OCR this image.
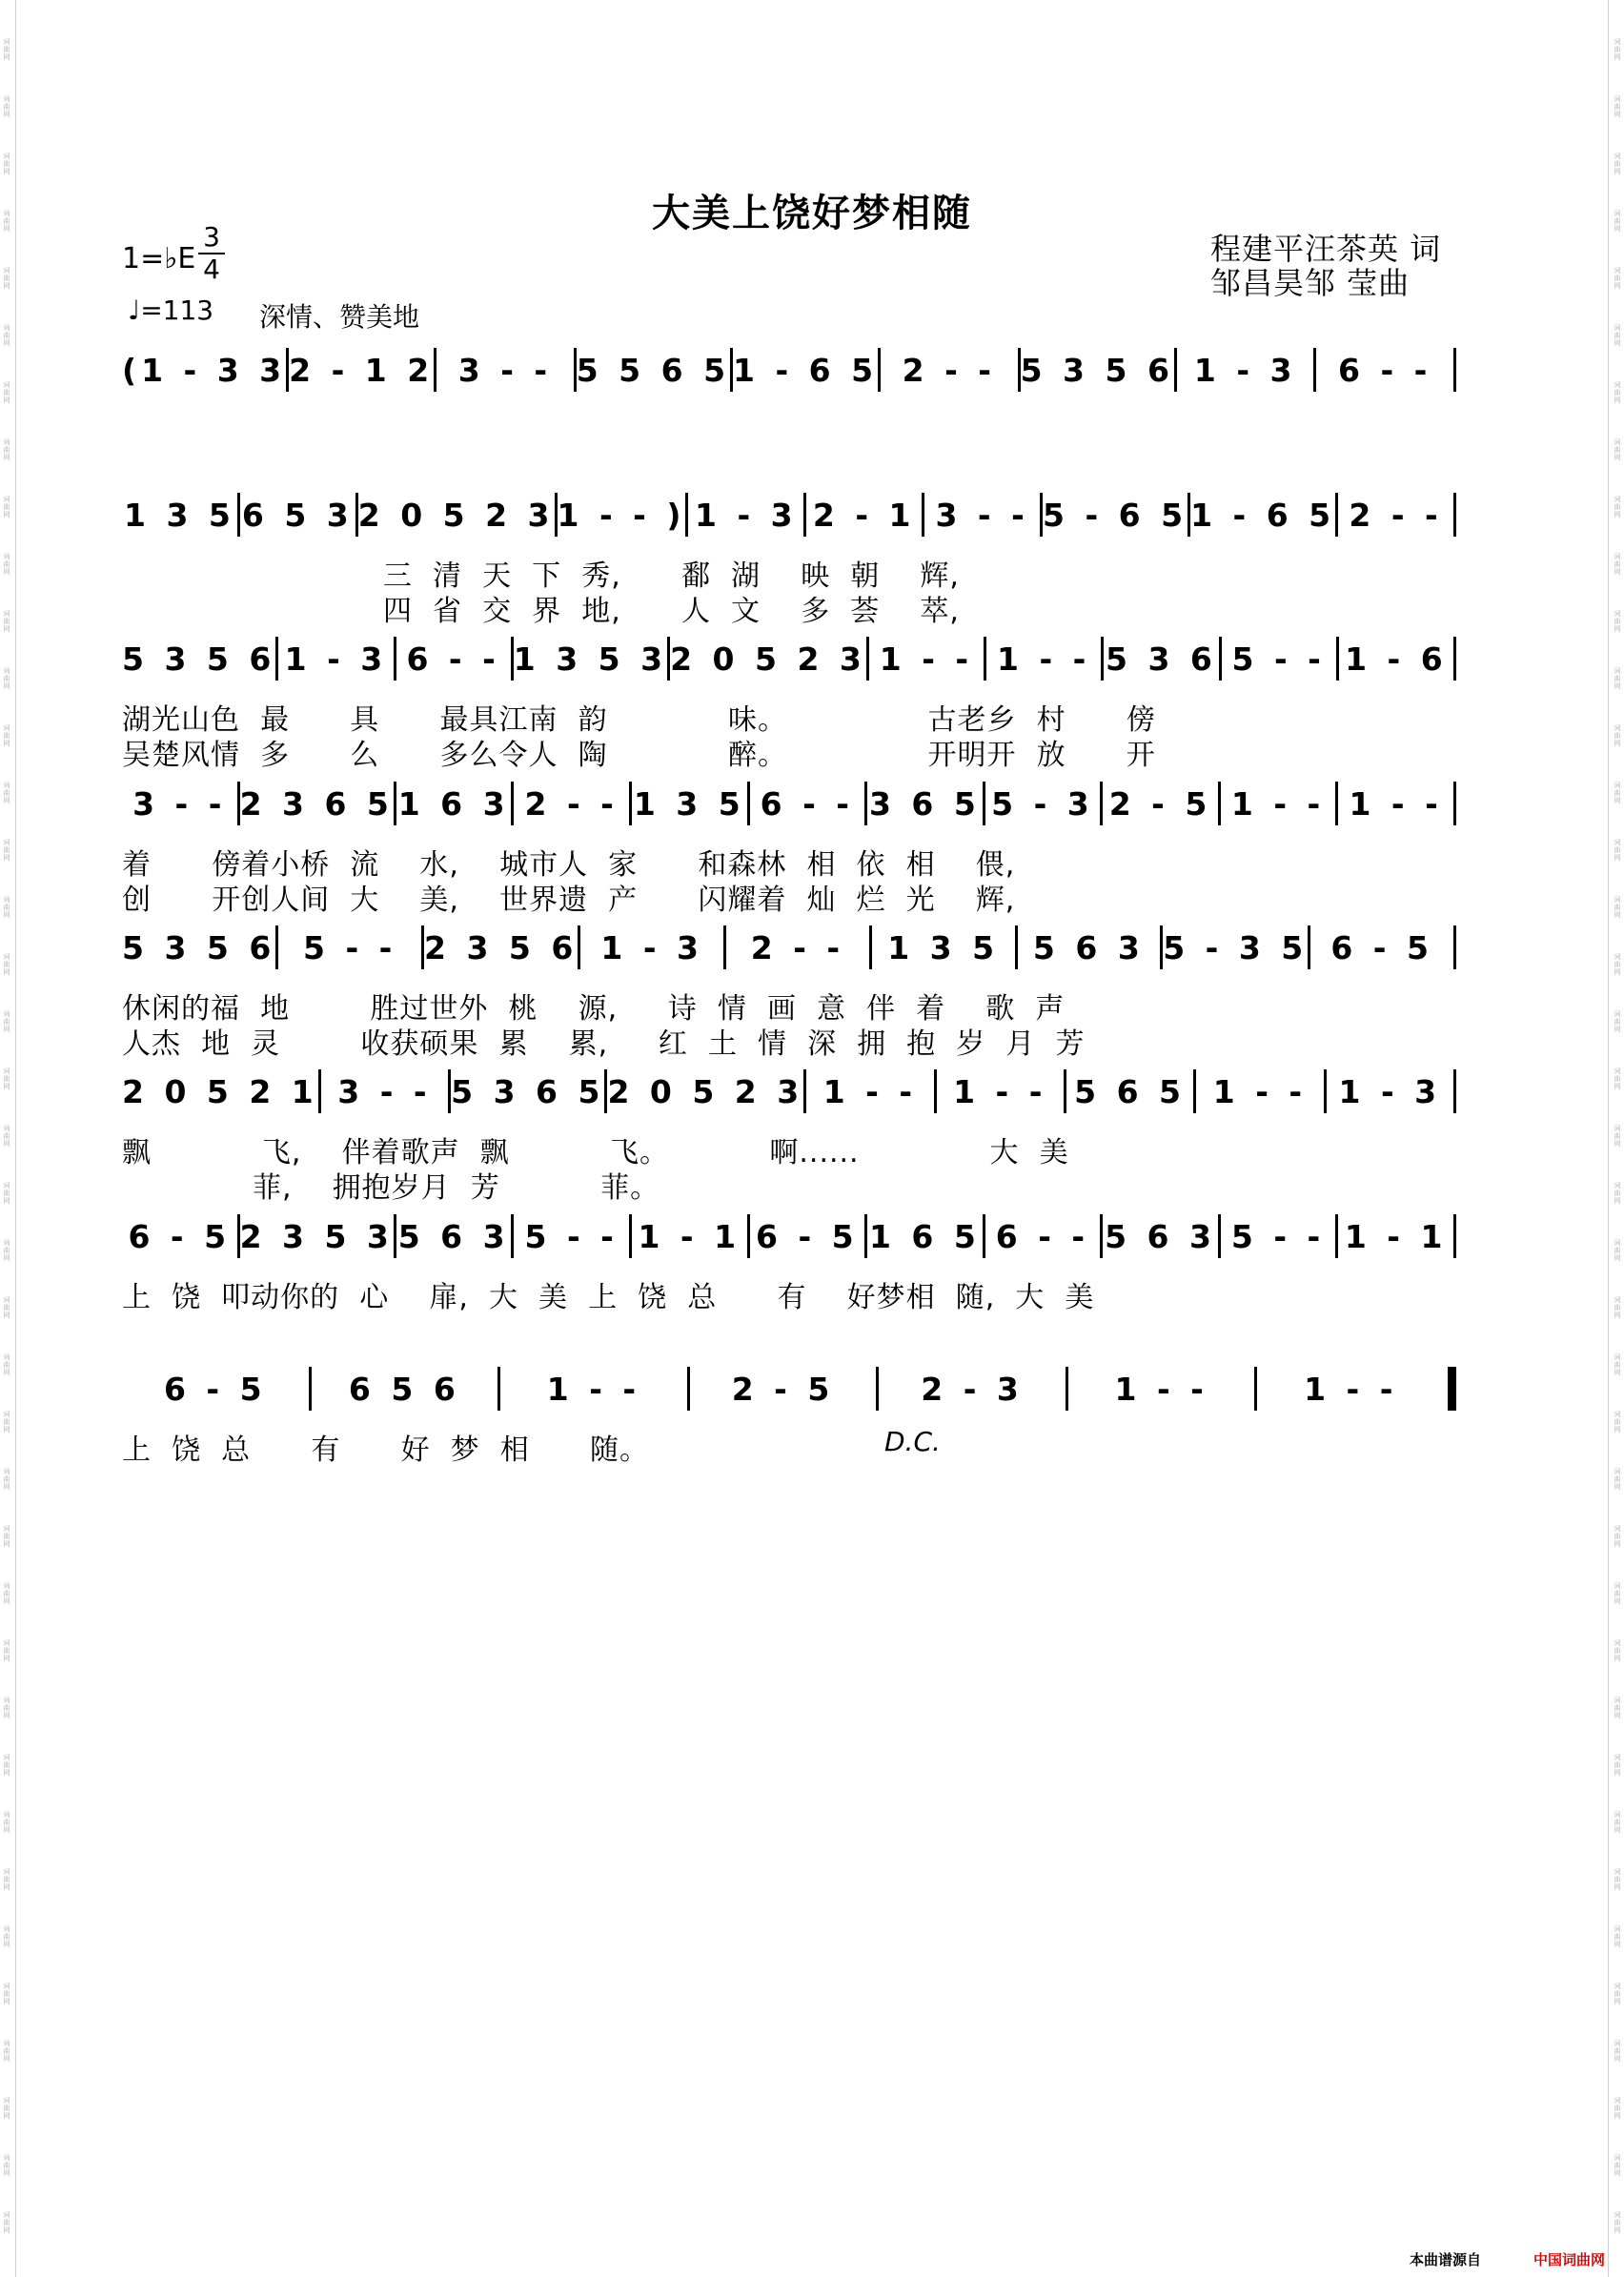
词曲网
词曲网
词曲网
词曲网
词曲网
词曲网
词曲网
词曲网
词曲网
词曲网
词曲网
词曲网
词曲网
词曲网
词曲网
词曲网
词曲网
词曲网
词曲网
词曲网
词曲网
词曲网
词曲网
词曲网
词曲网
词曲网
词曲网
词曲网
词曲网
词曲网
词曲网
词曲网
词曲网
词曲网
词曲网
词曲网
词曲网
词曲网
词曲网
词曲网
词曲网
词曲网
词曲网
词曲网
词曲网
词曲网
词曲网
词曲网
词曲网
词曲网
词曲网
词曲网
词曲网
词曲网
词曲网
词曲网
词曲网
词曲网
词曲网
词曲网
词曲网
词曲网
词曲网
词曲网
词曲网
词曲网
词曲网
词曲网
词曲网
词曲网
词曲网
词曲网
词曲网
词曲网
词曲网
词曲网
词曲网
词曲网
大美上饶好梦相随
程建平汪茶英 词
邹昌昊邹 莹曲
1=♭E
3
4
♩=113 深情、赞美地
(1 - 3 3 2 - 1 2 3 - - 5 5 6 5 1 - 6 5 2 - - 5 3 5 6 1 - 3	6 - -
1 3 5 6 5 3 2 0 5 2 3 1 - - ) 1 - 3 2 - 1 3 - - 5 - 6 5 1 - 6 5 2 - -
三  清  天  下  秀,      鄱  湖    映  朝    辉,
四  省  交  界  地,      人  文    多  荟    萃,
5 3 5 6 1 - 3 6 - - 1 3 5 3 2 0 5 2 3 1 - - 1 - - 5 3 6 5 - - 1 - 6
湖光山色  最      具      最具江南  韵            味。              古老乡  村      傍
吴楚风情  多      么      多么令人  陶            醉。              开明开  放      开
3 - - 2 3 6 5 1 6 3 2 - - 1 3 5 6 - - 3 6 5 5 - 3 2 - 5 1 - - 1 - -
着      傍着小桥  流    水,    城市人  家      和森林  相  依  相    偎,
创      开创人间  大    美,    世界遗  产      闪耀着  灿  烂  光    辉,
5 3 5 6 5 - - 2 3 5 6 1 - 3	2 - -	1 3 5	5 6 3 5 - 3 5 6 - 5
休闲的福  地        胜过世外  桃    源,     诗  情  画  意  伴  着    歌  声
人杰  地  灵        收获硕果  累    累,     红  土  情  深  拥  抱  岁  月  芳
2 0 5 2 1 3 - - 5 3 6 5 2 0 5 2 3 1 - -	1 - - 5 6 5 1 - -	1 - 3
飘           飞,    伴着歌声  飘          飞。          啊......             大  美
菲,    拥抱岁月  芳          菲。
6 - 5 2 3 5 3 5 6 3 5 - - 1 - 1 6 - 5 1 6 5 6 - - 5 6 3 5 - - 1 - 1
上  饶  叩动你的  心    扉,  大  美  上  饶  总      有    好梦相  随,  大  美
6 - 5	6 5 6	1 - -	2 - 5	2 - 3	1 - -	1 - -
上  饶  总      有      好  梦  相      随。	D.C.
本曲谱源自	中国词曲网
